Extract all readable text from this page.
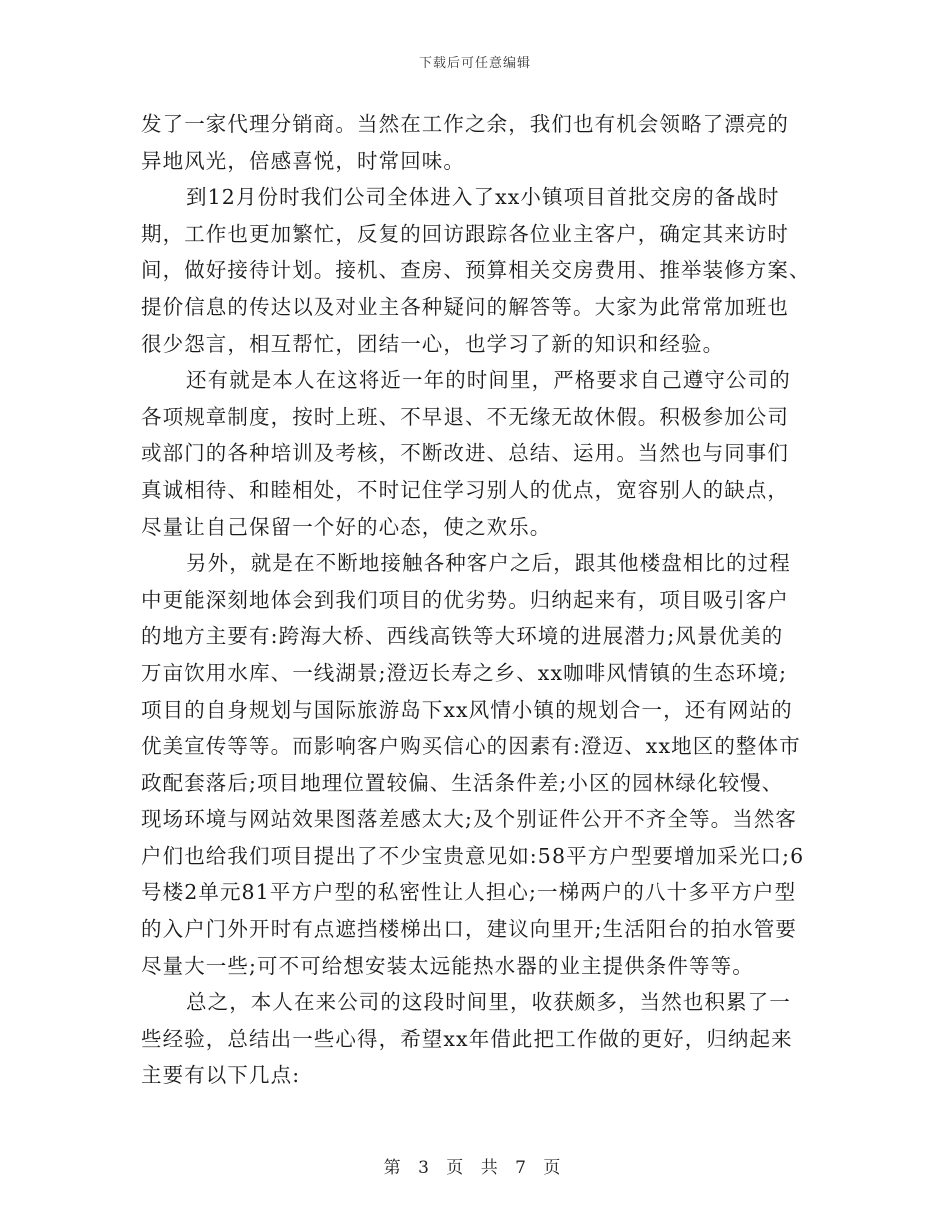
下载后可任意编辑
发了一家代理分销商。当然在工作之余，我们也有机会领略了漂亮的
异地风光，倍感喜悦，时常回味。
到12月份时我们公司全体进入了xx小镇项目首批交房的备战时
期，工作也更加繁忙，反复的回访跟踪各位业主客户，确定其来访时
间，做好接待计划。接机、查房、预算相关交房费用、推举装修方案、
提价信息的传达以及对业主各种疑问的解答等。大家为此常常加班也
很少怨言，相互帮忙，团结一心，也学习了新的知识和经验。
还有就是本人在这将近一年的时间里，严格要求自己遵守公司的
各项规章制度，按时上班、不早退、不无缘无故休假。积极参加公司
或部门的各种培训及考核，不断改进、总结、运用。当然也与同事们
真诚相待、和睦相处，不时记住学习别人的优点，宽容别人的缺点，
尽量让自己保留一个好的心态，使之欢乐。
另外，就是在不断地接触各种客户之后，跟其他楼盘相比的过程
中更能深刻地体会到我们项目的优劣势。归纳起来有，项目吸引客户
的地方主要有:跨海大桥、西线高铁等大环境的进展潜力;风景优美的
万亩饮用水库、一线湖景;澄迈长寿之乡、xx咖啡风情镇的生态环境;
项目的自身规划与国际旅游岛下xx风情小镇的规划合一，还有网站的
优美宣传等等。而影响客户购买信心的因素有:澄迈、xx地区的整体市
政配套落后;项目地理位置较偏、生活条件差;小区的园林绿化较慢、
现场环境与网站效果图落差感太大;及个别证件公开不齐全等。当然客
户们也给我们项目提出了不少宝贵意见如:58平方户型要增加采光口;6
号楼2单元81平方户型的私密性让人担心;一梯两户的八十多平方户型
的入户门外开时有点遮挡楼梯出口，建议向里开;生活阳台的拍水管要
尽量大一些;可不可给想安装太远能热水器的业主提供条件等等。
总之，本人在来公司的这段时间里，收获颇多，当然也积累了一
些经验，总结出一些心得，希望xx年借此把工作做的更好，归纳起来
主要有以下几点:
第 3 页 共 7 页
